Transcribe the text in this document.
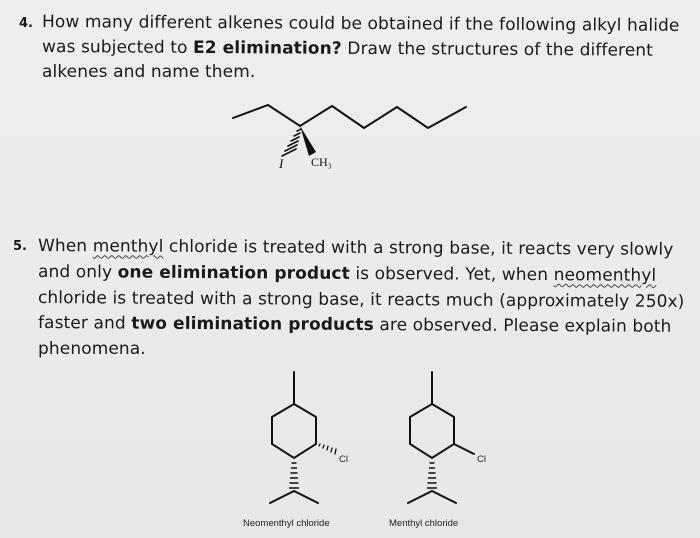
4. How many different alkenes could be obtained if the following alkyl halide
was subjected to E2 elimination? Draw the structures of the different
alkenes and name them.
5. When menthyl chloride is treated with a strong base, it reacts very slowly
and only one elimination product is observed. Yet, when neomenthyl
chloride is treated with a strong base, it reacts much (approximately 250x)
faster and two elimination products are observed. Please explain both
phenomena.
I CH₃
Cl
Neomenthyl chloride
Cl
Menthyl chloride
